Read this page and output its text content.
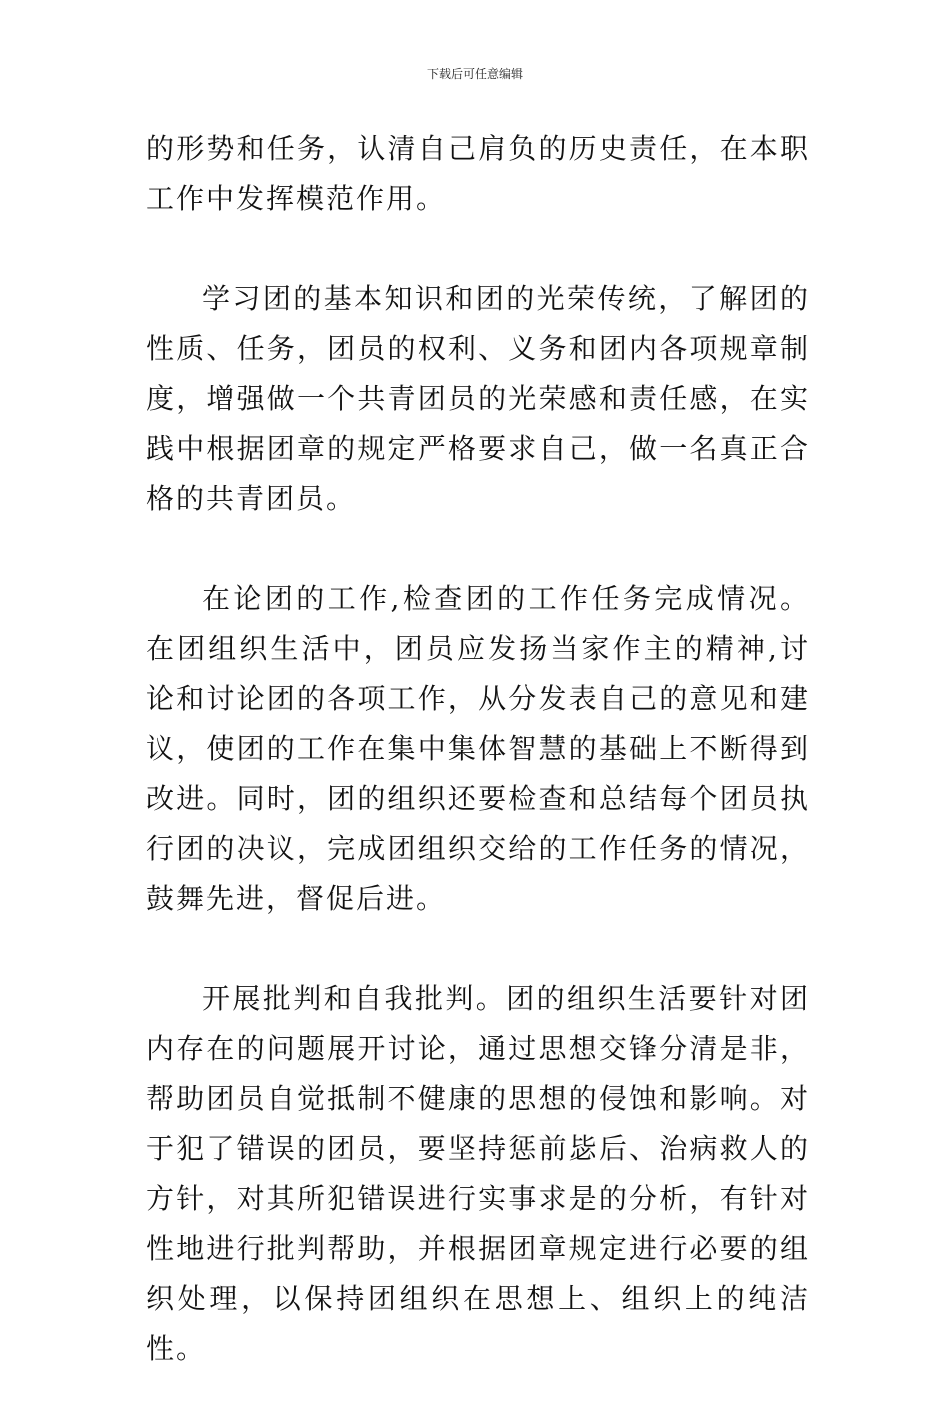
下载后可任意编辑

的形势和任务，认清自己肩负的历史责任，在本职工作中发挥模范作用。

学习团的基本知识和团的光荣传统，了解团的性质、任务，团员的权利、义务和团内各项规章制度，增强做一个共青团员的光荣感和责任感，在实践中根据团章的规定严格要求自己，做一名真正合格的共青团员。

在论团的工作,检查团的工作任务完成情况。在团组织生活中，团员应发扬当家作主的精神,讨论和讨论团的各项工作，从分发表自己的意见和建议，使团的工作在集中集体智慧的基础上不断得到改进。同时，团的组织还要检查和总结每个团员执行团的决议，完成团组织交给的工作任务的情况，鼓舞先进，督促后进。

开展批判和自我批判。团的组织生活要针对团内存在的问题展开讨论，通过思想交锋分清是非，帮助团员自觉抵制不健康的思想的侵蚀和影响。对于犯了错误的团员，要坚持惩前毖后、治病救人的方针，对其所犯错误进行实事求是的分析，有针对性地进行批判帮助，并根据团章规定进行必要的组织处理，以保持团组织在思想上、组织上的纯洁性。
